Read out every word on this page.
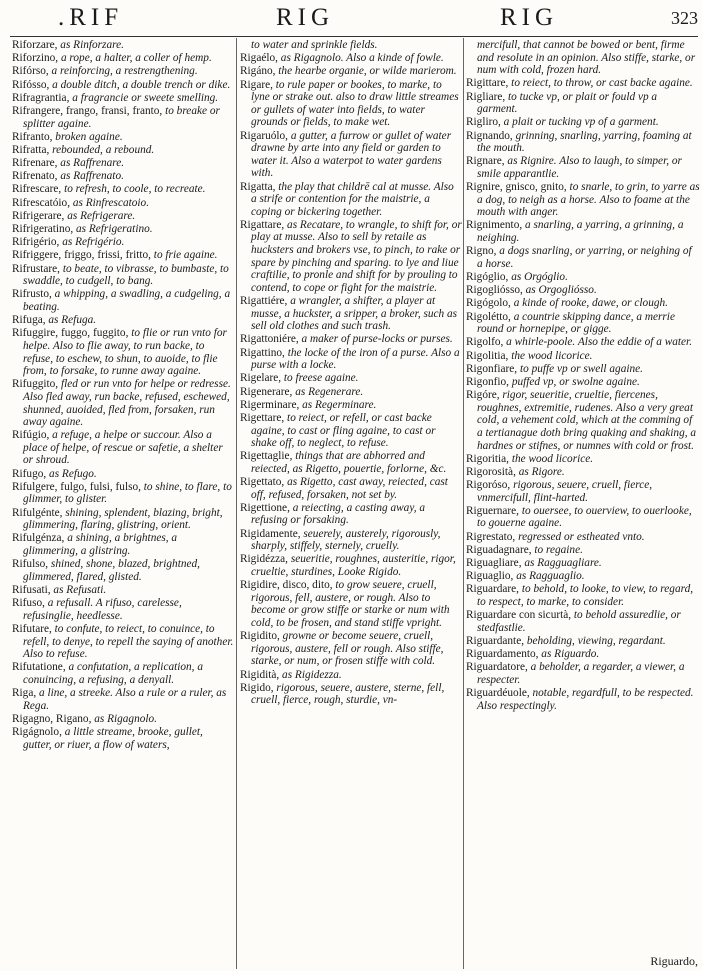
.RIF	RIG	RIG	323
Riforzare, as Rinforzare.
Riforzino, a rope, a halter, a coller of hemp.
Rifórso, a reinforcing, a restrengthening.
Rifósso, a double ditch, a double trench or dike.
Rifragrantia, a fragrancie or sweete smelling.
Rifrangere, frango, fransi, franto, to breake or splitter againe.
Rifranto, broken againe.
Rifratta, rebounded, a rebound.
Rifrenare, as Raffrenare.
Rifrenato, as Raffrenato.
Rifrescare, to refresh, to coole, to recreate.
Rifrescatóio, as Rinfrescatoio.
Rifrigerare, as Refrigerare.
Rifrigeratino, as Refrigeratino.
Rifrigério, as Refrigério.
Rifriggere, friggo, frissi, fritto, to frie againe.
Rifrustare, to beate, to vibrasse, to bumbaste, to swaddle, to cudgell, to bang.
Rifrusto, a whipping, a swadling, a cudgeling, a beating.
Rifuga, as Refuga.
Rifuggire, fuggo, fuggito, to flie or run vnto for helpe. Also to flie away, to run backe, to refuse, to eschew, to shun, to auoide, to flie from, to forsake, to runne away againe.
Rifuggito, fled or run vnto for helpe or redresse. Also fled away, run backe, refused, eschewed, shunned, auoided, fled from, forsaken, run away againe.
Rifúgio, a refuge, a helpe or succour. Also a place of helpe, of rescue or safetie, a shelter or shroud.
Rifugo, as Refugo.
Rifulgere, fulgo, fulsi, fulso, to shine, to flare, to glimmer, to glister.
Rifulgénte, shining, splendent, blazing, bright, glimmering, flaring, glistring, orient.
Rifulgénza, a shining, a brightnes, a glimmering, a glistring.
Rifulso, shined, shone, blazed, brightned, glimmered, flared, glisted.
Rifusati, as Refusati.
Rifuso, a refusall. A rifuso, carelesse, refusinglie, heedlesse.
Rifutare, to confute, to reiect, to conuince, to refell, to denye, to repell the saying of another. Also to refuse.
Rifutatione, a confutation, a replication, a conuincing, a refusing, a denyall.
Riga, a line, a streeke. Also a rule or a ruler, as Rega.
Rigagno, Rigano, as Rigagnolo.
Rigágnolo, a little streame, brooke, gullet, gutter, or riuer, a flow of waters,
to water and sprinkle fields.
Rigaélo, as Rigagnolo. Also a kinde of fowle.
Rigáno, the hearbe organie, or wilde marierom.
Rigare, to rule paper or bookes, to marke, to lyne or strake out. also to draw little streames or gullets of water into fields, to water grounds or fields, to make wet.
Rigaruólo, a gutter, a furrow or gullet of water drawne by arte into any field or garden to water it. Also a waterpot to water gardens with.
Rigatta, the play that childrē cal at musse. Also a strife or contention for the maistrie, a coping or bickering together.
Rigattare, as Recatare, to wrangle, to shift for, or play at musse. Also to sell by retaile as hucksters and brokers vse, to pinch, to rake or spare by pinching and sparing. to lye and liue craftilie, to pronle and shift for by prouling to contend, to cope or fight for the maistrie.
Rigattiére, a wrangler, a shifter, a player at musse, a huckster, a sripper, a broker, such as sell old clothes and such trash.
Rigattoniére, a maker of purse-locks or purses.
Rigattino, the locke of the iron of a purse. Also a purse with a locke.
Rigelare, to freese againe.
Rigenerare, as Regenerare.
Rigerminare, as Regerminare.
Rigettare, to reiect, or refell, or cast backe againe, to cast or fling againe, to cast or shake off, to neglect, to refuse.
Rigettaglie, things that are abhorred and reiected, as Rigetto, pouertie, forlorne, &c.
Rigettato, as Rigetto, cast away, reiected, cast off, refused, forsaken, not set by.
Rigettione, a reiecting, a casting away, a refusing or forsaking.
Rigidamente, seuerely, austerely, rigorously, sharply, stiffely, sternely, cruelly.
Rigidézza, seueritie, roughnes, austeritie, rigor, crueltie, sturdines, Looke Rigido.
Rigidire, disco, dito, to grow seuere, cruell, rigorous, fell, austere, or rough. Also to become or grow stiffe or starke or num with cold, to be frosen, and stand stiffe vpright.
Rigidito, growne or become seuere, cruell, rigorous, austere, fell or rough. Also stiffe, starke, or num, or frosen stiffe with cold.
Rigidità, as Rigidezza.
Rigido, rigorous, seuere, austere, sterne, fell, cruell, fierce, rough, sturdie, vn-
mercifull, that cannot be bowed or bent, firme and resolute in an opinion. Also stiffe, starke, or num with cold, frozen hard.
Rigittare, to reiect, to throw, or cast backe againe.
Rigliare, to tucke vp, or plait or fould vp a garment.
Rigliro, a plait or tucking vp of a garment.
Rignando, grinning, snarling, yarring, foaming at the mouth.
Rignare, as Rignire. Also to laugh, to simper, or smile apparantlie.
Rignire, gnisco, gnito, to snarle, to grin, to yarre as a dog, to neigh as a horse. Also to foame at the mouth with anger.
Rignimento, a snarling, a yarring, a grinning, a neighing.
Rigno, a dogs snarling, or yarring, or neighing of a horse.
Rigóglio, as Orgóglio.
Rigogliósso, as Orgogliósso.
Rigógolo, a kinde of rooke, dawe, or clough.
Rigolétto, a countrie skipping dance, a merrie round or hornepipe, or gigge.
Rigolfo, a whirle-poole. Also the eddie of a water.
Rigolitia, the wood licorice.
Rigonfiare, to puffe vp or swell againe.
Rigonfio, puffed vp, or swolne againe.
Rigóre, rigor, seueritie, crueltie, fiercenes, roughnes, extremitie, rudenes. Also a very great cold, a vehement cold, which at the comming of a tertianague doth bring quaking and shaking, a hardnes or stifnes, or numnes with cold or frost.
Rigoritia, the wood licorice.
Rigorosità, as Rigore.
Rigoróso, rigorous, seuere, cruell, fierce, vnmercifull, flint-harted.
Riguernare, to ouersee, to ouerview, to ouerlooke, to gouerne againe.
Rigrestato, regressed or estheated vnto.
Riguadagnare, to regaine.
Riguagliare, as Ragguagliare.
Riguaglio, as Ragguaglio.
Riguardare, to behold, to looke, to view, to regard, to respect, to marke, to consider.
Riguardare con sicurtà, to behold assuredlie, or stedfastlie.
Riguardante, beholding, viewing, regardant.
Riguardamento, as Riguardo.
Riguardatore, a beholder, a regarder, a viewer, a respecter.
Riguardéuole, notable, regardfull, to be respected. Also respectingly.
Riguardo,
